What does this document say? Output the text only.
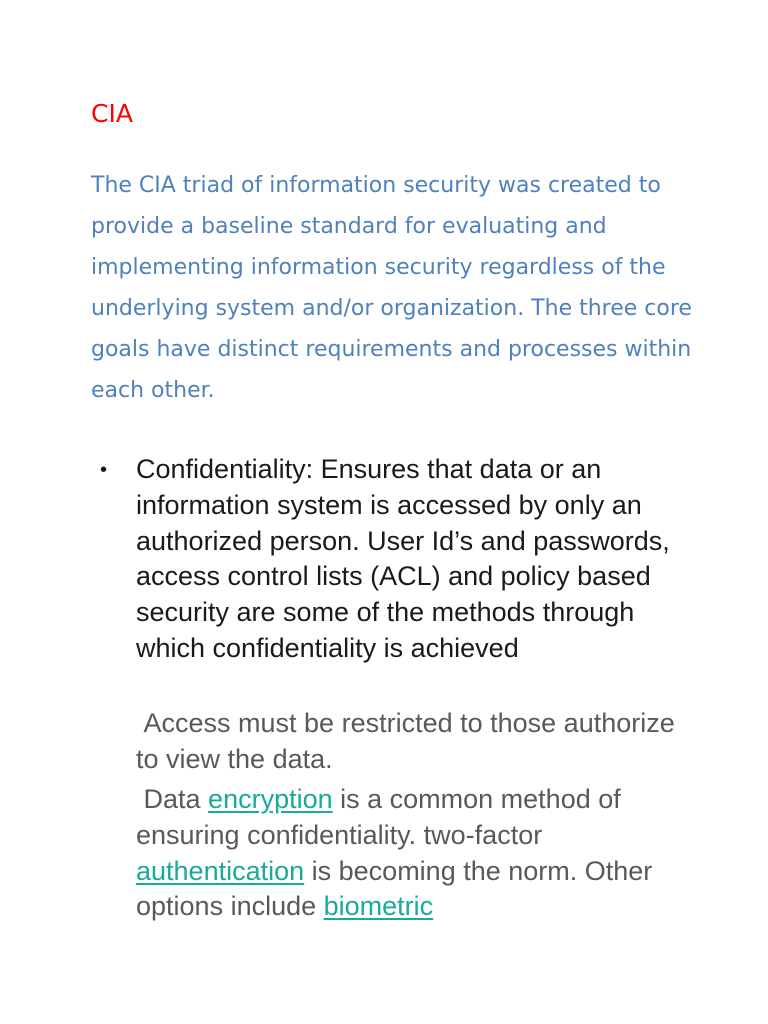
CIA

The CIA triad of information security was created to provide a baseline standard for evaluating and implementing information security regardless of the underlying system and/or organization. The three core goals have distinct requirements and processes within each other.

• Confidentiality: Ensures that data or an information system is accessed by only an authorized person. User Id’s and passwords, access control lists (ACL) and policy based security are some of the methods through which confidentiality is achieved

Access must be restricted to those authorize to view the data.

Data encryption is a common method of ensuring confidentiality. two-factor authentication is becoming the norm. Other options include biometric
